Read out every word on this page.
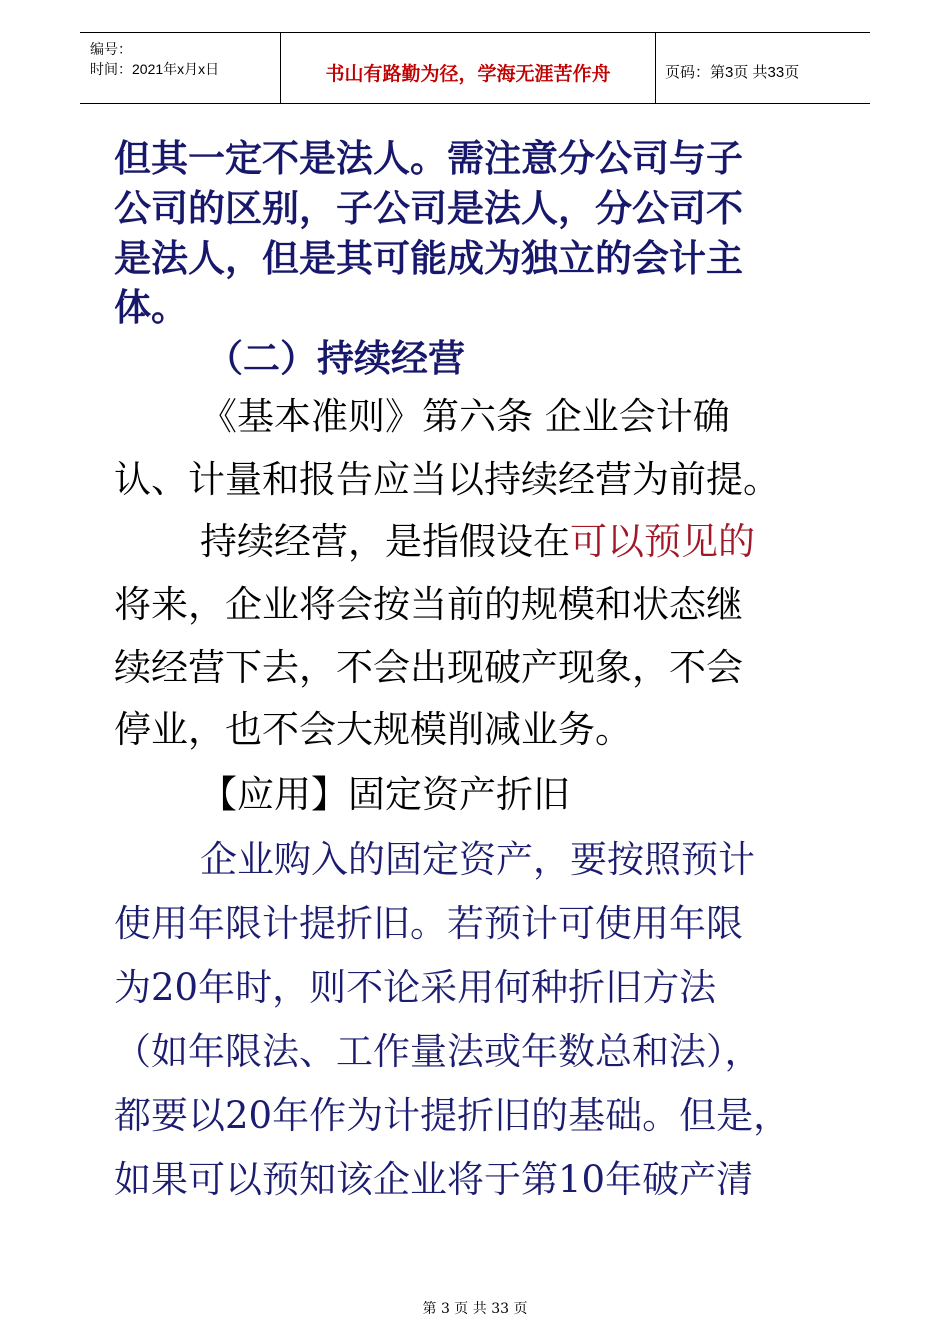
编号：
时间：2021年x月x日	书山有路勤为径，学海无涯苦作舟	页码：第3页 共33页
但其一定不是法人。需注意分公司与子
公司的区别，子公司是法人，分公司不
是法人，但是其可能成为独立的会计主
体。
（二）持续经营
《基本准则》第六条 企业会计确
认、计量和报告应当以持续经营为前提。
持续经营，是指假设在可以预见的
将来，企业将会按当前的规模和状态继
续经营下去，不会出现破产现象，不会
停业，也不会大规模削减业务。
【应用】固定资产折旧
企业购入的固定资产，要按照预计
使用年限计提折旧。若预计可使用年限
为20年时，则不论采用何种折旧方法
（如年限法、工作量法或年数总和法），
都要以20年作为计提折旧的基础。但是，
如果可以预知该企业将于第10年破产清
第 3 页 共 33 页
